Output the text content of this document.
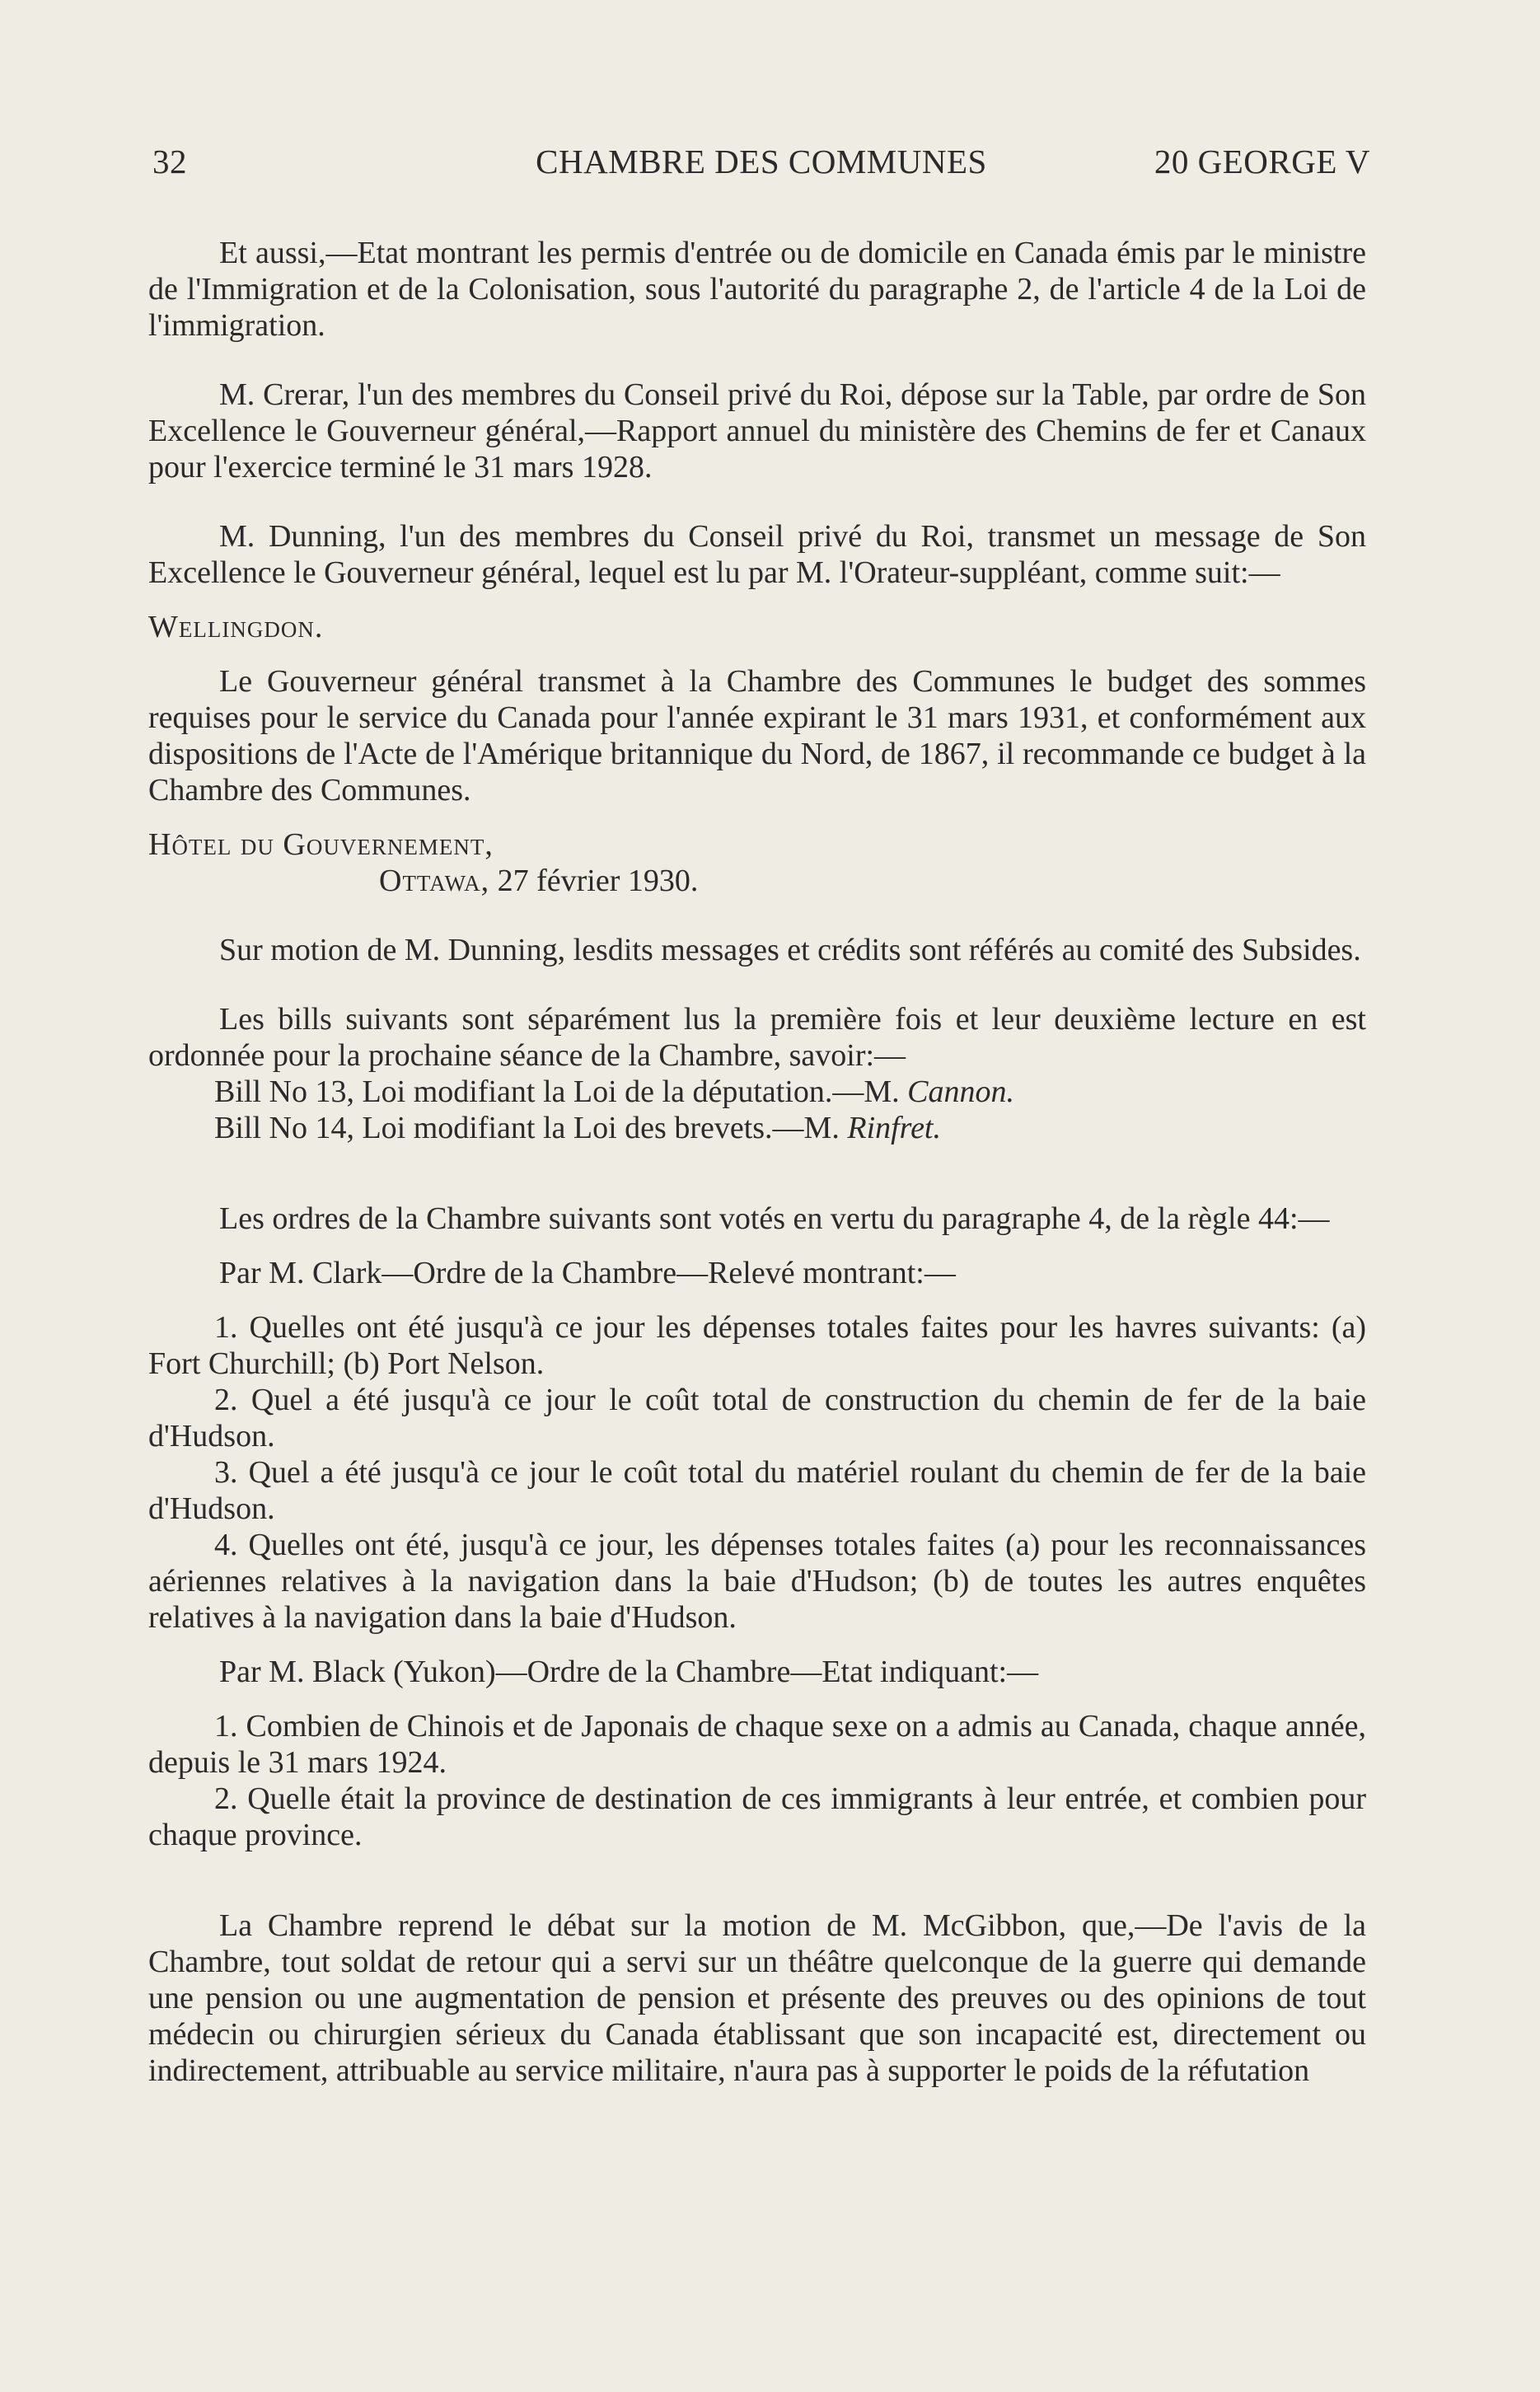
32	CHAMBRE DES COMMUNES	20 GEORGE V

Et aussi,—Etat montrant les permis d'entrée ou de domicile en Canada émis par le ministre de l'Immigration et de la Colonisation, sous l'autorité du paragraphe 2, de l'article 4 de la Loi de l'immigration.

M. Crerar, l'un des membres du Conseil privé du Roi, dépose sur la Table, par ordre de Son Excellence le Gouverneur général,—Rapport annuel du ministère des Chemins de fer et Canaux pour l'exercice terminé le 31 mars 1928.

M. Dunning, l'un des membres du Conseil privé du Roi, transmet un message de Son Excellence le Gouverneur général, lequel est lu par M. l'Orateur-suppléant, comme suit:—

Wellingdon.

Le Gouverneur général transmet à la Chambre des Communes le budget des sommes requises pour le service du Canada pour l'année expirant le 31 mars 1931, et conformément aux dispositions de l'Acte de l'Amérique britannique du Nord, de 1867, il recommande ce budget à la Chambre des Communes.

Hôtel du Gouvernement,

Ottawa, 27 février 1930.

Sur motion de M. Dunning, lesdits messages et crédits sont référés au comité des Subsides.

Les bills suivants sont séparément lus la première fois et leur deuxième lecture en est ordonnée pour la prochaine séance de la Chambre, savoir:—

Bill No 13, Loi modifiant la Loi de la députation.—M. Cannon.

Bill No 14, Loi modifiant la Loi des brevets.—M. Rinfret.

Les ordres de la Chambre suivants sont votés en vertu du paragraphe 4, de la règle 44:—

Par M. Clark—Ordre de la Chambre—Relevé montrant:—

1. Quelles ont été jusqu'à ce jour les dépenses totales faites pour les havres suivants: (a) Fort Churchill; (b) Port Nelson.

2. Quel a été jusqu'à ce jour le coût total de construction du chemin de fer de la baie d'Hudson.

3. Quel a été jusqu'à ce jour le coût total du matériel roulant du chemin de fer de la baie d'Hudson.

4. Quelles ont été, jusqu'à ce jour, les dépenses totales faites (a) pour les reconnaissances aériennes relatives à la navigation dans la baie d'Hudson; (b) de toutes les autres enquêtes relatives à la navigation dans la baie d'Hudson.

Par M. Black (Yukon)—Ordre de la Chambre—Etat indiquant:—

1. Combien de Chinois et de Japonais de chaque sexe on a admis au Canada, chaque année, depuis le 31 mars 1924.

2. Quelle était la province de destination de ces immigrants à leur entrée, et combien pour chaque province.

La Chambre reprend le débat sur la motion de M. McGibbon, que,—De l'avis de la Chambre, tout soldat de retour qui a servi sur un théâtre quelconque de la guerre qui demande une pension ou une augmentation de pension et présente des preuves ou des opinions de tout médecin ou chirurgien sérieux du Canada établissant que son incapacité est, directement ou indirectement, attribuable au service militaire, n'aura pas à supporter le poids de la réfutation
